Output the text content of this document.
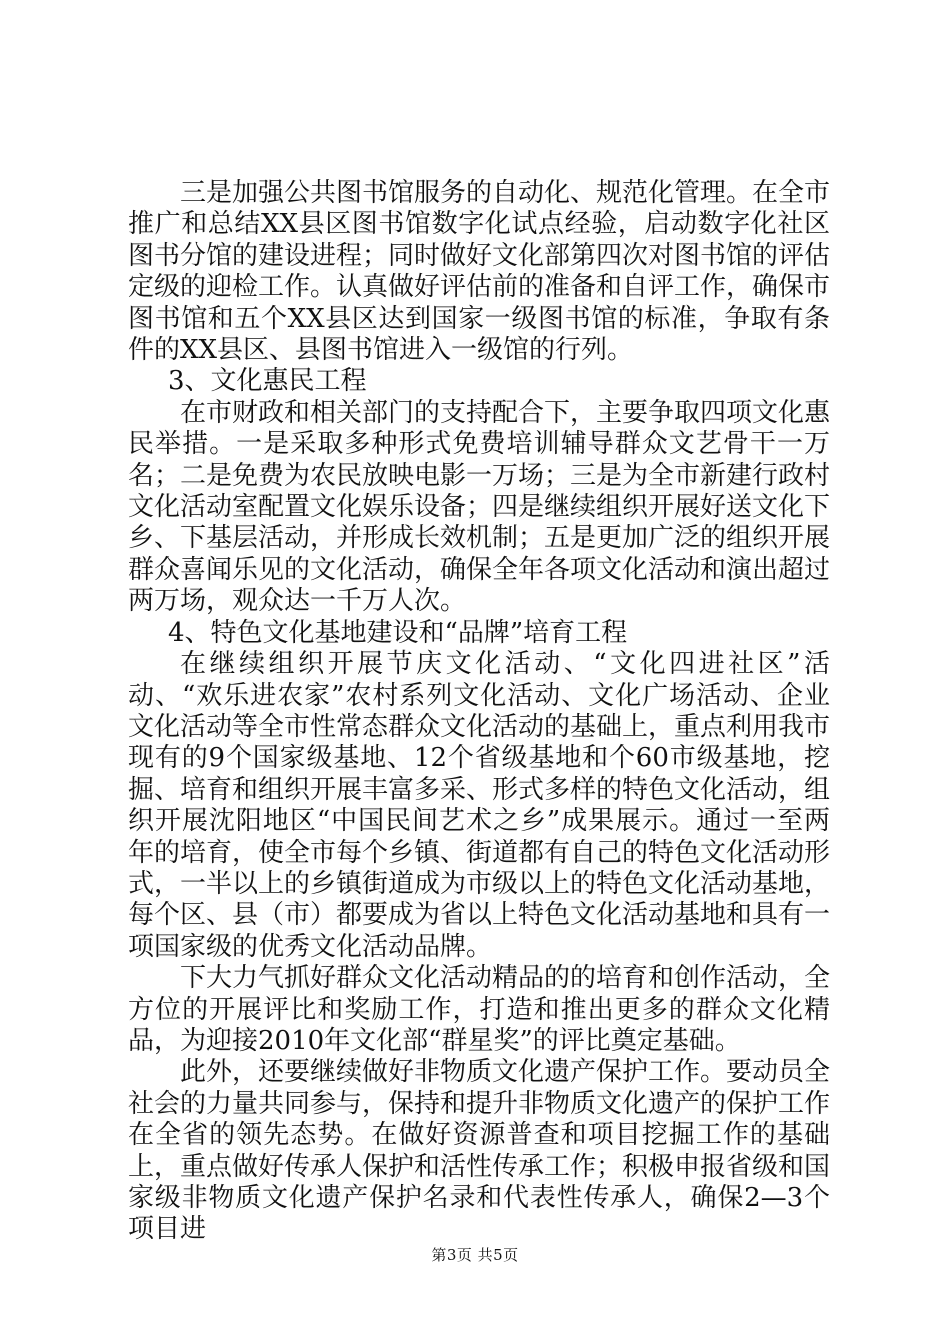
三是加强公共图书馆服务的自动化、规范化管理。在全市推广和总结XX县区图书馆数字化试点经验，启动数字化社区图书分馆的建设进程；同时做好文化部第四次对图书馆的评估定级的迎检工作。认真做好评估前的准备和自评工作，确保市图书馆和五个XX县区达到国家一级图书馆的标准，争取有条件的XX县区、县图书馆进入一级馆的行列。

3、文化惠民工程

在市财政和相关部门的支持配合下，主要争取四项文化惠民举措。一是采取多种形式免费培训辅导群众文艺骨干一万名；二是免费为农民放映电影一万场；三是为全市新建行政村文化活动室配置文化娱乐设备；四是继续组织开展好送文化下乡、下基层活动，并形成长效机制；五是更加广泛的组织开展群众喜闻乐见的文化活动，确保全年各项文化活动和演出超过两万场，观众达一千万人次。

4、特色文化基地建设和“品牌”培育工程

在继续组织开展节庆文化活动、“文化四进社区”活动、“欢乐进农家”农村系列文化活动、文化广场活动、企业文化活动等全市性常态群众文化活动的基础上，重点利用我市现有的9个国家级基地、12个省级基地和个60市级基地，挖掘、培育和组织开展丰富多采、形式多样的特色文化活动，组织开展沈阳地区“中国民间艺术之乡”成果展示。通过一至两年的培育，使全市每个乡镇、街道都有自己的特色文化活动形式，一半以上的乡镇街道成为市级以上的特色文化活动基地，每个区、县（市）都要成为省以上特色文化活动基地和具有一项国家级的优秀文化活动品牌。

下大力气抓好群众文化活动精品的的培育和创作活动，全方位的开展评比和奖励工作，打造和推出更多的群众文化精品，为迎接2010年文化部“群星奖”的评比奠定基础。

此外，还要继续做好非物质文化遗产保护工作。要动员全社会的力量共同参与，保持和提升非物质文化遗产的保护工作在全省的领先态势。在做好资源普查和项目挖掘工作的基础上，重点做好传承人保护和活性传承工作；积极申报省级和国家级非物质文化遗产保护名录和代表性传承人，确保2—3个项目进

第3页 共5页
